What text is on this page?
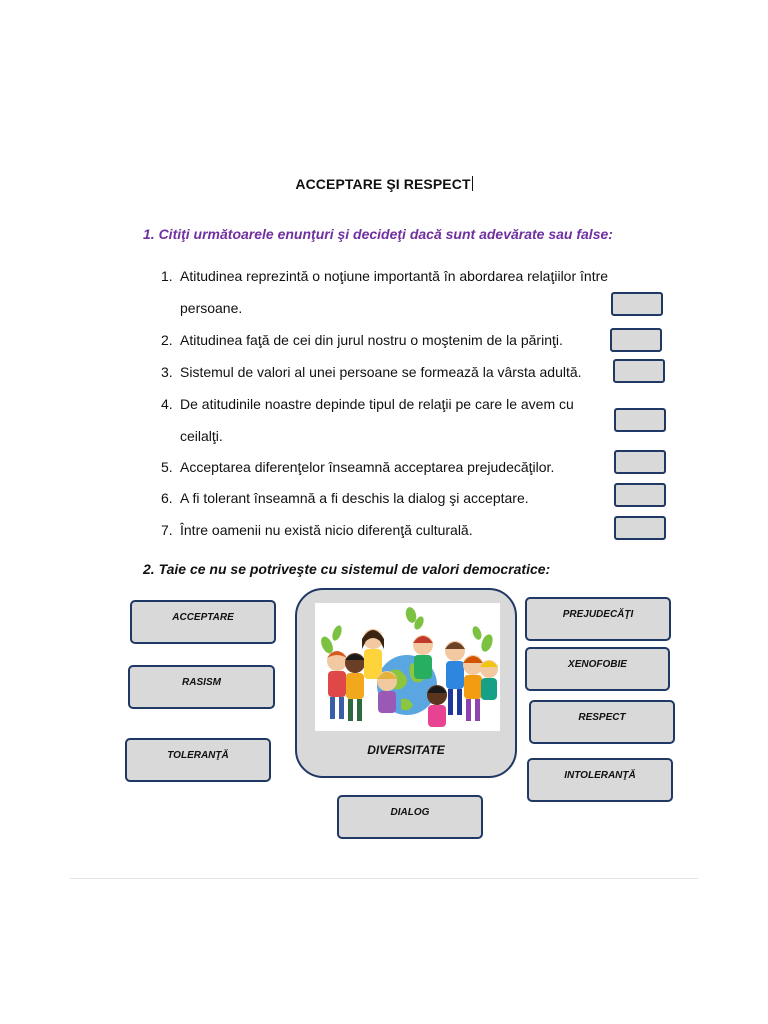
ACCEPTARE ŞI RESPECT
1. Citiţi următoarele enunţuri şi decideţi dacă sunt adevărate sau false:
1. Atitudinea reprezintă o noţiune importantă în abordarea relaţiilor între
persoane.
2. Atitudinea faţă de cei din jurul nostru o moştenim de la părinţi.
3. Sistemul de valori al unei persoane se formează la vârsta adultă.
4. De atitudinile noastre depinde tipul de relaţii pe care le avem cu
ceilalţi.
5. Acceptarea diferenţelor înseamnă acceptarea prejudecăţilor.
6. A fi tolerant înseamnă a fi deschis la dialog şi acceptare.
7. Între oamenii nu există nicio diferenţă culturală.
2. Taie ce nu se potriveşte cu sistemul de valori democratice:
ACCEPTARE
RASISM
TOLERANŢĂ	DIVERSITATE
PREJUDECĂŢI
XENOFOBIE
RESPECT
INTOLERANŢĂ
DIALOG
